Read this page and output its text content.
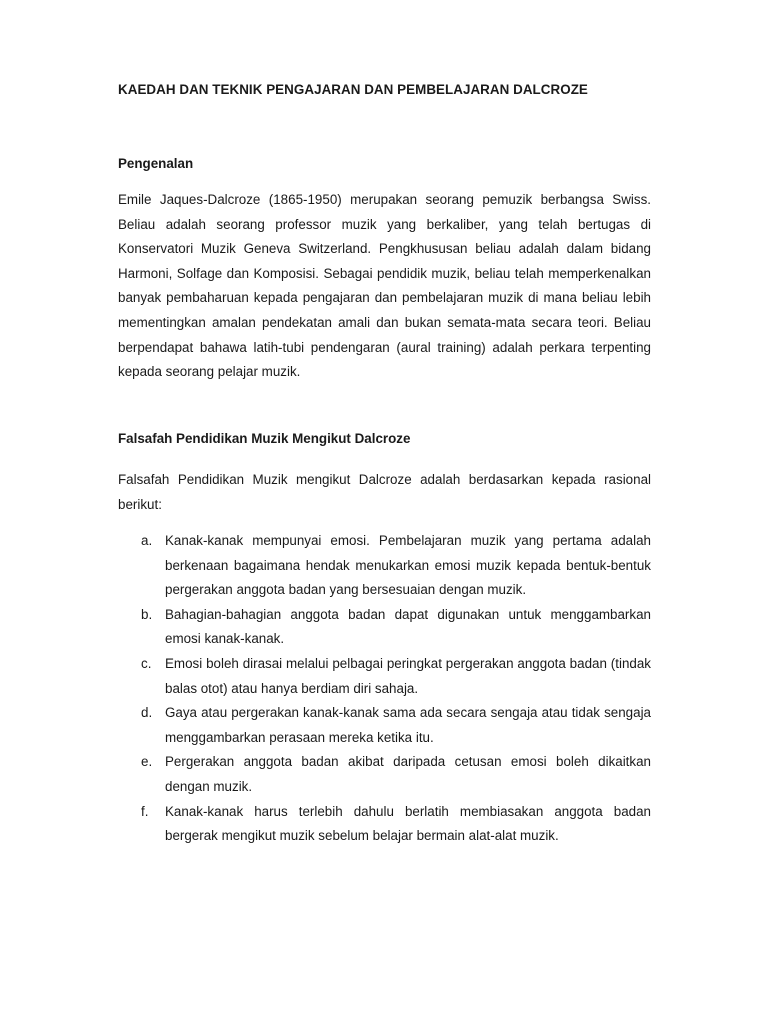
KAEDAH DAN TEKNIK PENGAJARAN DAN PEMBELAJARAN DALCROZE
Pengenalan

Emile Jaques-Dalcroze (1865-1950) merupakan seorang pemuzik berbangsa Swiss. Beliau adalah seorang professor muzik yang berkaliber, yang telah bertugas di Konservatori Muzik Geneva Switzerland. Pengkhususan beliau adalah dalam bidang Harmoni, Solfage dan Komposisi. Sebagai pendidik muzik, beliau telah memperkenalkan banyak pembaharuan kepada pengajaran dan pembelajaran muzik di mana beliau lebih mementingkan amalan pendekatan amali dan bukan semata-mata secara teori. Beliau berpendapat bahawa latih-tubi pendengaran (aural training) adalah perkara terpenting kepada seorang pelajar muzik.

Falsafah Pendidikan Muzik Mengikut Dalcroze

Falsafah Pendidikan Muzik mengikut Dalcroze adalah berdasarkan kepada rasional berikut:

a. Kanak-kanak mempunyai emosi. Pembelajaran muzik yang pertama adalah berkenaan bagaimana hendak menukarkan emosi muzik kepada bentuk-bentuk pergerakan anggota badan yang bersesuaian dengan muzik.
b. Bahagian-bahagian anggota badan dapat digunakan untuk menggambarkan emosi kanak-kanak.
c. Emosi boleh dirasai melalui pelbagai peringkat pergerakan anggota badan (tindak balas otot) atau hanya berdiam diri sahaja.
d. Gaya atau pergerakan kanak-kanak sama ada secara sengaja atau tidak sengaja menggambarkan perasaan mereka ketika itu.
e. Pergerakan anggota badan akibat daripada cetusan emosi boleh dikaitkan dengan muzik.
f. Kanak-kanak harus terlebih dahulu berlatih membiasakan anggota badan bergerak mengikut muzik sebelum belajar bermain alat-alat muzik.
